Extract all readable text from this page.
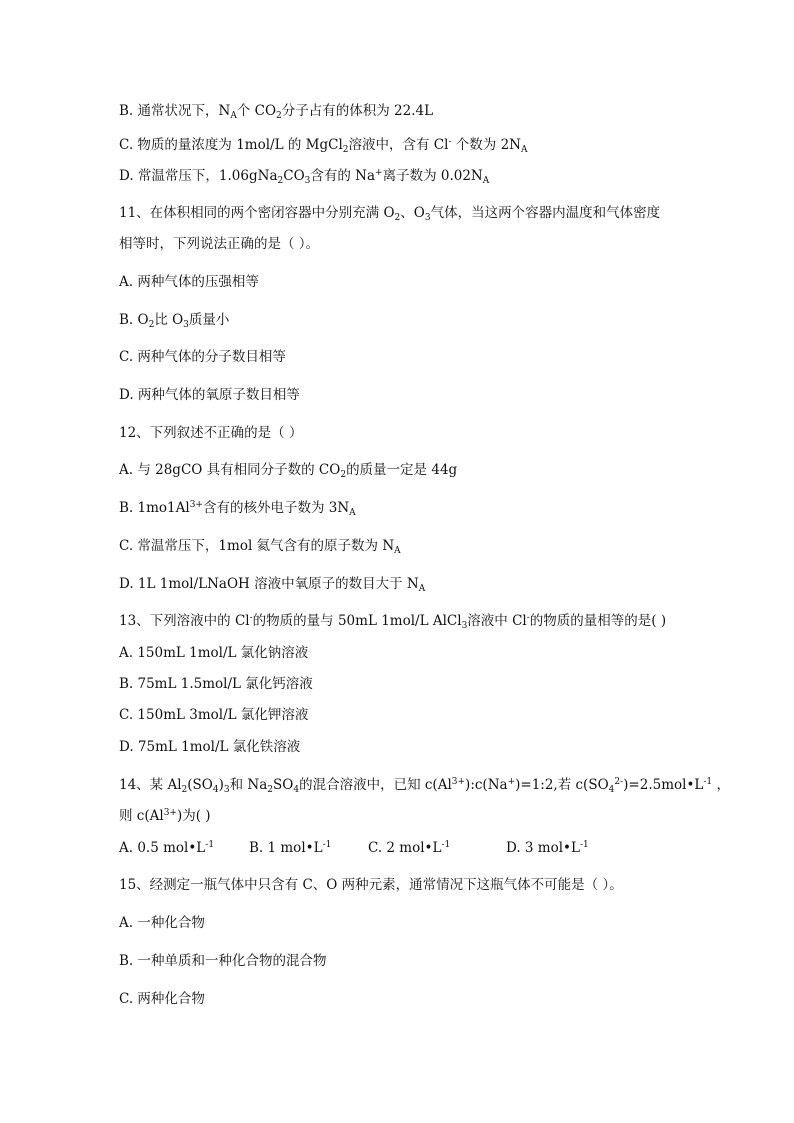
B. 通常状况下，$N_A$个 $CO_2$分子占有的体积为 22.4L
C. 物质的量浓度为 1mol/L 的 MgCl$_2$溶液中，含有 Cl- 个数为 $2N_A$
D. 常温常压下，$1.06gNa_2CO_3$含有的 Na+离子数为 $0.02N_A$
11、在体积相同的两个密闭容器中分别充满 $O_2$、$O_3$气体，当这两个容器内温度和气体密度
相等时，下列说法正确的是（ ）。
A. 两种气体的压强相等
B. $O_2$比 $O_3$质量小
C. 两种气体的分子数目相等
D. 两种气体的氧原子数目相等
12、下列叙述不正确的是（ ）
A. 与 28gCO 具有相同分子数的 $CO_2$的质量一定是 44g
B. $1mo1Al^{3+}$含有的核外电子数为 $3N_A$
C. 常温常压下，1mol 氦气含有的原子数为 $N_A$
D. 1L 1mol/LNaOH 溶液中氧原子的数目大于 $N_A$
13、下列溶液中的 Cl-的物质的量与 50mL 1mol/L AlCl$_3$溶液中 Cl-的物质的量相等的是( )
A. 150mL 1mol/L 氯化钠溶液
B. 75mL 1.5mol/L 氯化钙溶液
C. 150mL 3mol/L 氯化钾溶液
D. 75mL 1mol/L 氯化铁溶液
14、某 $Al_2(SO_4)_3$和 $Na_2SO_4$的混合溶液中，已知 $c(Al^{3+}):c(Na^+)=1:2$,若 $c(SO_4^{2-})=2.5mol•L^{-1}$ ，
则 $c(Al^{3+})$为( )
A. 0.5 $mol•L^{-1}$	B. 1 $mol•L^{-1}$	C. 2 $mol•L^{-1}$	D. 3 $mol•L^{-1}$
15、经测定一瓶气体中只含有 C、O 两种元素，通常情况下这瓶气体不可能是（ ）。
A. 一种化合物
B. 一种单质和一种化合物的混合物
C. 两种化合物
